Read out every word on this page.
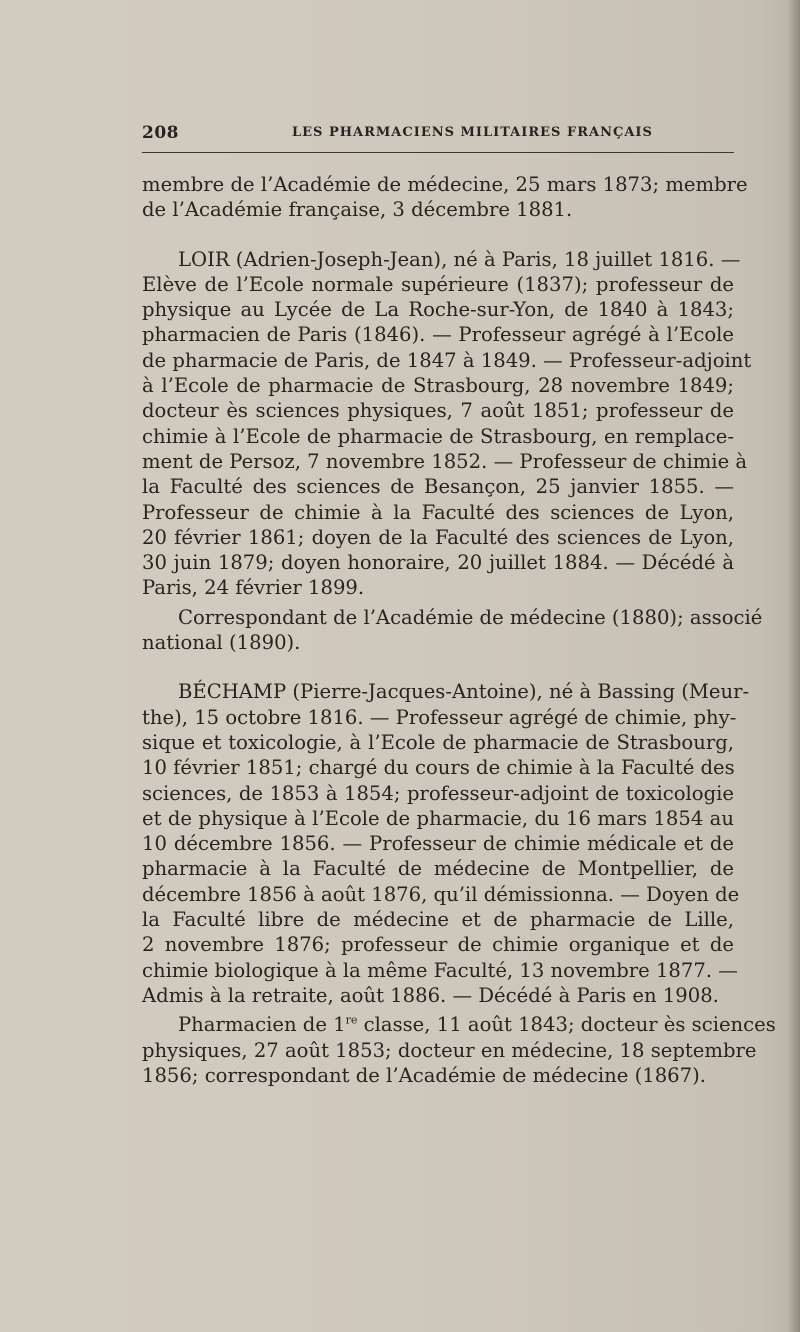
208	LES PHARMACIENS MILITAIRES FRANÇAIS
membre de l’Académie de médecine, 25 mars 1873; membre
de l’Académie française, 3 décembre 1881.
LOIR (Adrien-Joseph-Jean), né à Paris, 18 juillet 1816. —
Elève de l’Ecole normale supérieure (1837); professeur de
physique au Lycée de La Roche-sur-Yon, de 1840 à 1843;
pharmacien de Paris (1846). — Professeur agrégé à l’Ecole
de pharmacie de Paris, de 1847 à 1849. — Professeur-adjoint
à l’Ecole de pharmacie de Strasbourg, 28 novembre 1849;
docteur ès sciences physiques, 7 août 1851; professeur de
chimie à l’Ecole de pharmacie de Strasbourg, en remplace-
ment de Persoz, 7 novembre 1852. — Professeur de chimie à
la Faculté des sciences de Besançon, 25 janvier 1855. —
Professeur de chimie à la Faculté des sciences de Lyon,
20 février 1861; doyen de la Faculté des sciences de Lyon,
30 juin 1879; doyen honoraire, 20 juillet 1884. — Décédé à
Paris, 24 février 1899.
Correspondant de l’Académie de médecine (1880); associé
national (1890).
BÉCHAMP (Pierre-Jacques-Antoine), né à Bassing (Meur-
the), 15 octobre 1816. — Professeur agrégé de chimie, phy-
sique et toxicologie, à l’Ecole de pharmacie de Strasbourg,
10 février 1851; chargé du cours de chimie à la Faculté des
sciences, de 1853 à 1854; professeur-adjoint de toxicologie
et de physique à l’Ecole de pharmacie, du 16 mars 1854 au
10 décembre 1856. — Professeur de chimie médicale et de
pharmacie à la Faculté de médecine de Montpellier, de
décembre 1856 à août 1876, qu’il démissionna. — Doyen de
la Faculté libre de médecine et de pharmacie de Lille,
2 novembre 1876; professeur de chimie organique et de
chimie biologique à la même Faculté, 13 novembre 1877. —
Admis à la retraite, août 1886. — Décédé à Paris en 1908.
Pharmacien de 1re classe, 11 août 1843; docteur ès sciences
physiques, 27 août 1853; docteur en médecine, 18 septembre
1856; correspondant de l’Académie de médecine (1867).
